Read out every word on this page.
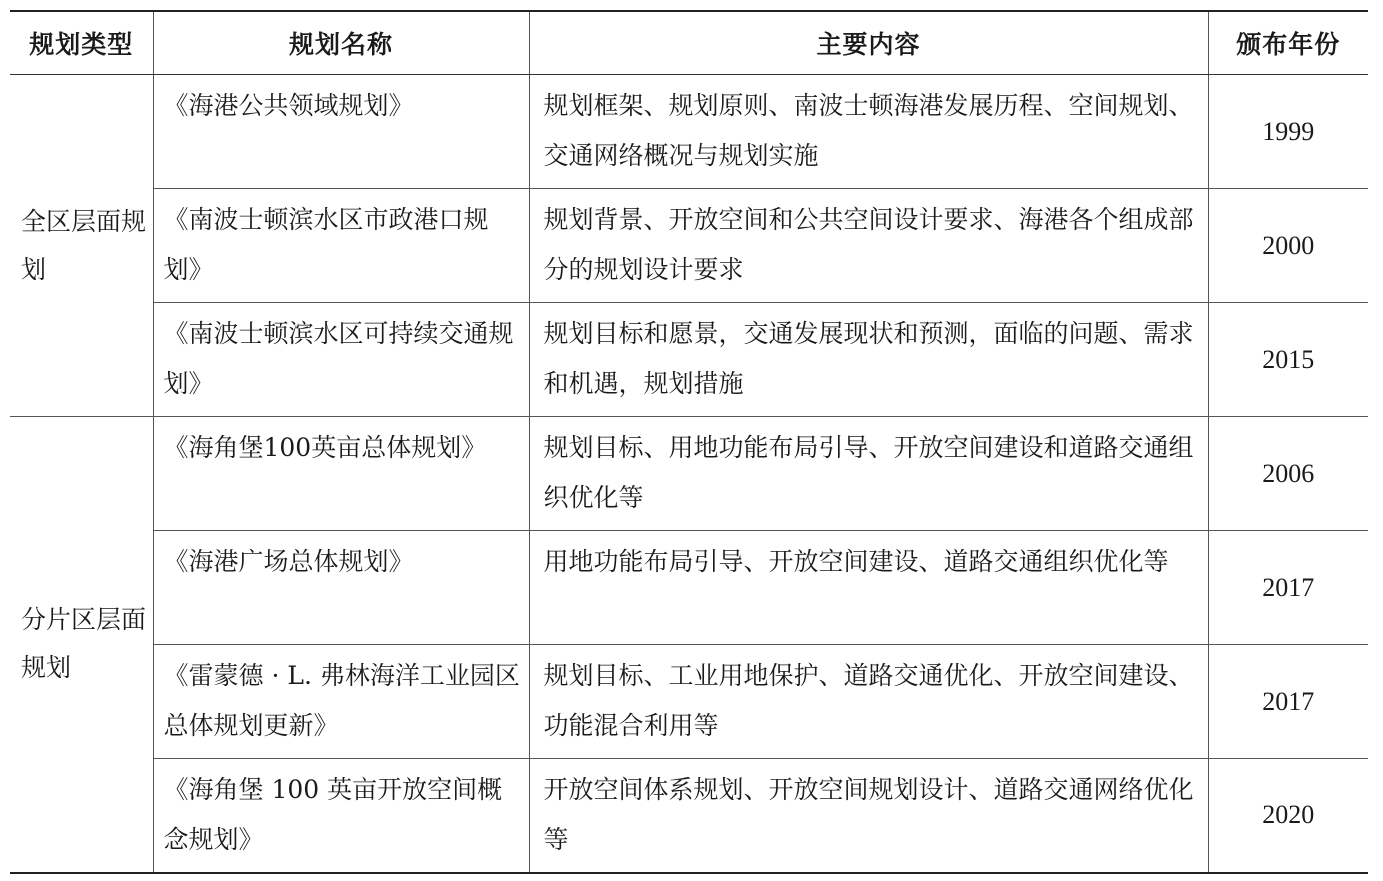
规划类型	规划名称	主要内容	颁布年份

全区层面规划	《海港公共领域规划》	规划框架、规划原则、南波士顿海港发展历程、空间规划、交通网络概况与规划实施	1999

	《南波士顿滨水区市政港口规划》	规划背景、开放空间和公共空间设计要求、海港各个组成部分的规划设计要求	2000

	《南波士顿滨水区可持续交通规划》	规划目标和愿景，交通发展现状和预测，面临的问题、需求和机遇，规划措施	2015

分片区层面规划	《海角堡100英亩总体规划》	规划目标、用地功能布局引导、开放空间建设和道路交通组织优化等	2006

	《海港广场总体规划》	用地功能布局引导、开放空间建设、道路交通组织优化等	2017

	《雷蒙德 · L. 弗林海洋工业园区总体规划更新》	规划目标、工业用地保护、道路交通优化、开放空间建设、功能混合利用等	2017

	《海角堡 100 英亩开放空间概念规划》	开放空间体系规划、开放空间规划设计、道路交通网络优化等	2020
